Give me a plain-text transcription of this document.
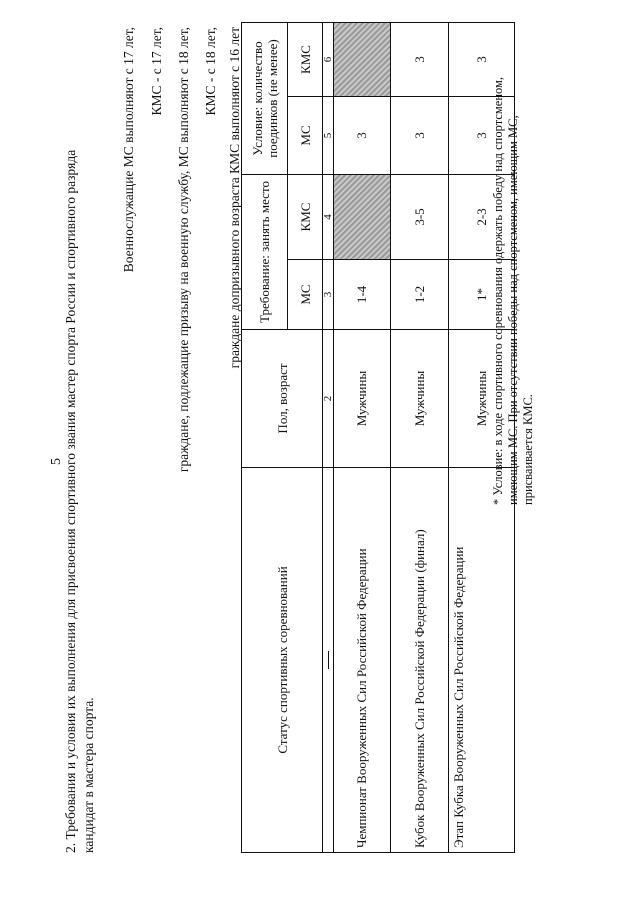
5 2. Требования и условия их выполнения для присвоения спортивного звания мастер спорта России и спортивного разряда кандидат в мастера спорта.
Военнослужащие МС выполняют с 17 лет, КМС - с 17 лет, граждане, подлежащие призыву на военную службу, МС выполняют с 18 лет, КМС - с 18 лет, граждане допризывного возраста КМС выполняют с 16 лет
Статус спортивных соревнований	Пол, возраст	Требование: занять место		Условие: количество поединков (не менее)	
		МС	КМС	МС	КМС
	2	3	4	5	6
Чемпионат Вооруженных Сил Российской Федерации	Мужчины	1-4		3	
Кубок Вооруженных Сил Российской Федерации (финал)	Мужчины	1-2	3-5	3	3
Этап Кубка Вооруженных Сил Российской Федерации	Мужчины	1*	2-3	3	3
* Условие: в ходе спортивного соревнования одержать победу над спортсменом, имеющим МС. При отсутствии победы над спортсменом, имеющим МС, присваивается КМС.
